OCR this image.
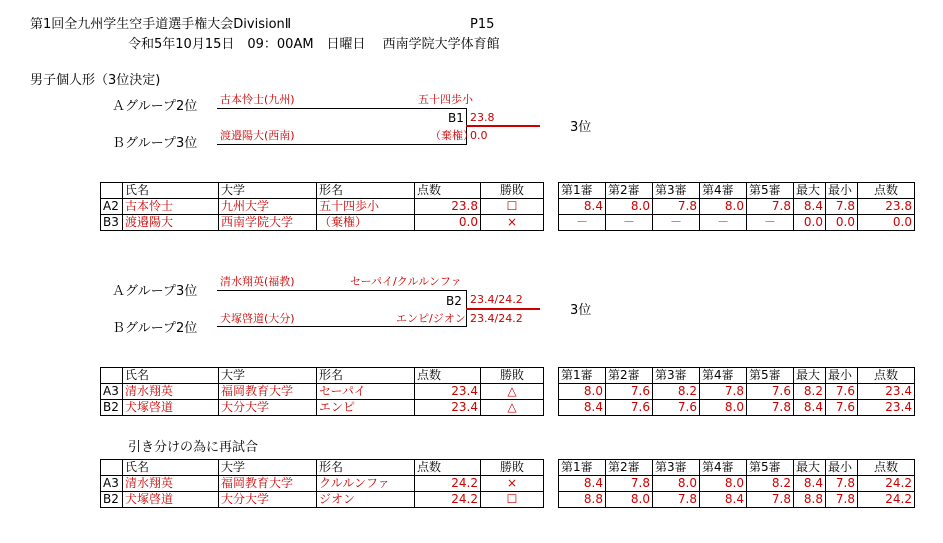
第1回全九州学生空手道選手権大会DivisionⅡ	P15
令和5年10月15日　09：00AM　日曜日　 西南学院大学体育館
男子個人形（3位決定)
Ａグループ2位
Ｂグループ3位
古本怜士(九州)	五十四歩小
B1 23.8
3位
渡邉陽大(西南)	（棄権）
0.0
	氏名	大学	形名	点数	勝敗
A2	古本怜士	九州大学	五十四歩小	23.8	☐
B3	渡邉陽大	西南学院大学	（棄権）	0.0	×
第1審	第2審	第3審	第4審	第5審	最大	最小	点数
8.4	8.0	7.8	8.0	7.8	8.4	7.8	23.8
－	－	－	－	－	0.0	0.0	0.0
Ａグループ3位
Ｂグループ2位
清水翔英(福教)	セーパイ/クルルンファ
B2 23.4/24.2
3位
犬塚啓道(大分)	エンピ/ジオン 23.4/24.2
	氏名	大学	形名	点数	勝敗
A3	清水翔英	福岡教育大学	セーパイ	23.4	△
B2	犬塚啓道	大分大学	エンピ	23.4	△
第1審	第2審	第3審	第4審	第5審	最大	最小	点数
8.0	7.6	8.2	7.8	7.6	8.2	7.6	23.4
8.4	7.6	7.6	8.0	7.8	8.4	7.6	23.4
引き分けの為に再試合
	氏名	大学	形名	点数	勝敗
A3	清水翔英	福岡教育大学	クルルンファ	24.2	×
B2	犬塚啓道	大分大学	ジオン	24.2	☐
第1審	第2審	第3審	第4審	第5審	最大	最小	点数
8.4	7.8	8.0	8.0	8.2	8.4	7.8	24.2
8.8	8.0	7.8	8.4	7.8	8.8	7.8	24.2
